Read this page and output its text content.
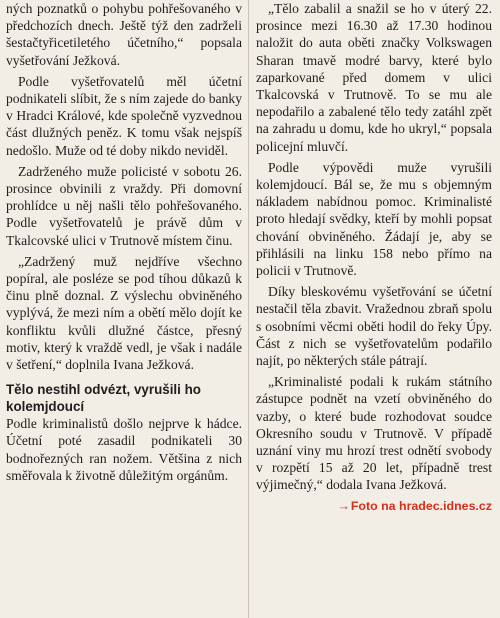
ných poznatků o pohybu pohřešovaného v předchozích dnech. Ještě týž den zadrželi šestačtyřicetiletého účetního,“ popsala vyšetřování Ježková.

Podle vyšetřovatelů měl účetní podnikateli slíbit, že s ním zajede do banky v Hradci Králové, kde společně vyzvednou část dlužných peněz. K tomu však nejspíš nedošlo. Muže od té doby nikdo neviděl.

Zadrženého muže policisté v sobotu 26. prosince obvinili z vraždy. Při domovní prohlídce u něj našli tělo pohřešovaného. Podle vyšetřovatelů je právě dům v Tkalcovské ulici v Trutnově místem činu.

„Zadržený muž nejdříve všechno popíral, ale posléze se pod tíhou důkazů k činu plně doznal. Z výslechu obviněného vyplývá, že mezi ním a obětí mělo dojít ke konfliktu kvůli dlužné částce, přesný motiv, který k vraždě vedl, je však i nadále v šetření,“ doplnila Ivana Ježková.

Tělo nestihl odvézt, vyrušili ho kolemjdoucí

Podle kriminalistů došlo nejprve k hádce. Účetní poté zasadil podnikateli 30 bodnořezných ran nožem. Většina z nich směřovala k životně důležitým orgánům.

„Tělo zabalil a snažil se ho v úterý 22. prosince mezi 16.30 až 17.30 hodinou naložit do auta oběti značky Volkswagen Sharan tmavě modré barvy, které bylo zaparkované před domem v ulici Tkalcovská v Trutnově. To se mu ale nepodařilo a zabalené tělo tedy zatáhl zpět na zahradu u domu, kde ho ukryl,“ popsala policejní mluvčí.

Podle výpovědi muže vyrušili kolemjdoucí. Bál se, že mu s objemným nákladem nabídnou pomoc. Kriminalisté proto hledají svědky, kteří by mohli popsat chování obviněného. Žádají je, aby se přihlásili na linku 158 nebo přímo na policii v Trutnově.

Díky bleskovému vyšetřování se účetní nestačil těla zbavit. Vražednou zbraň spolu s osobními věcmi oběti hodil do řeky Úpy. Část z nich se vyšetřovatelům podařilo najít, po některých stále pátrají.

„Kriminalisté podali k rukám státního zástupce podnět na vzetí obviněného do vazby, o které bude rozhodovat soudce Okresního soudu v Trutnově. V případě uznání viny mu hrozí trest odnětí svobody v rozpětí 15 až 20 let, případně trest výjimečný,“ dodala Ivana Ježková.

→Foto na hradec.idnes.cz
